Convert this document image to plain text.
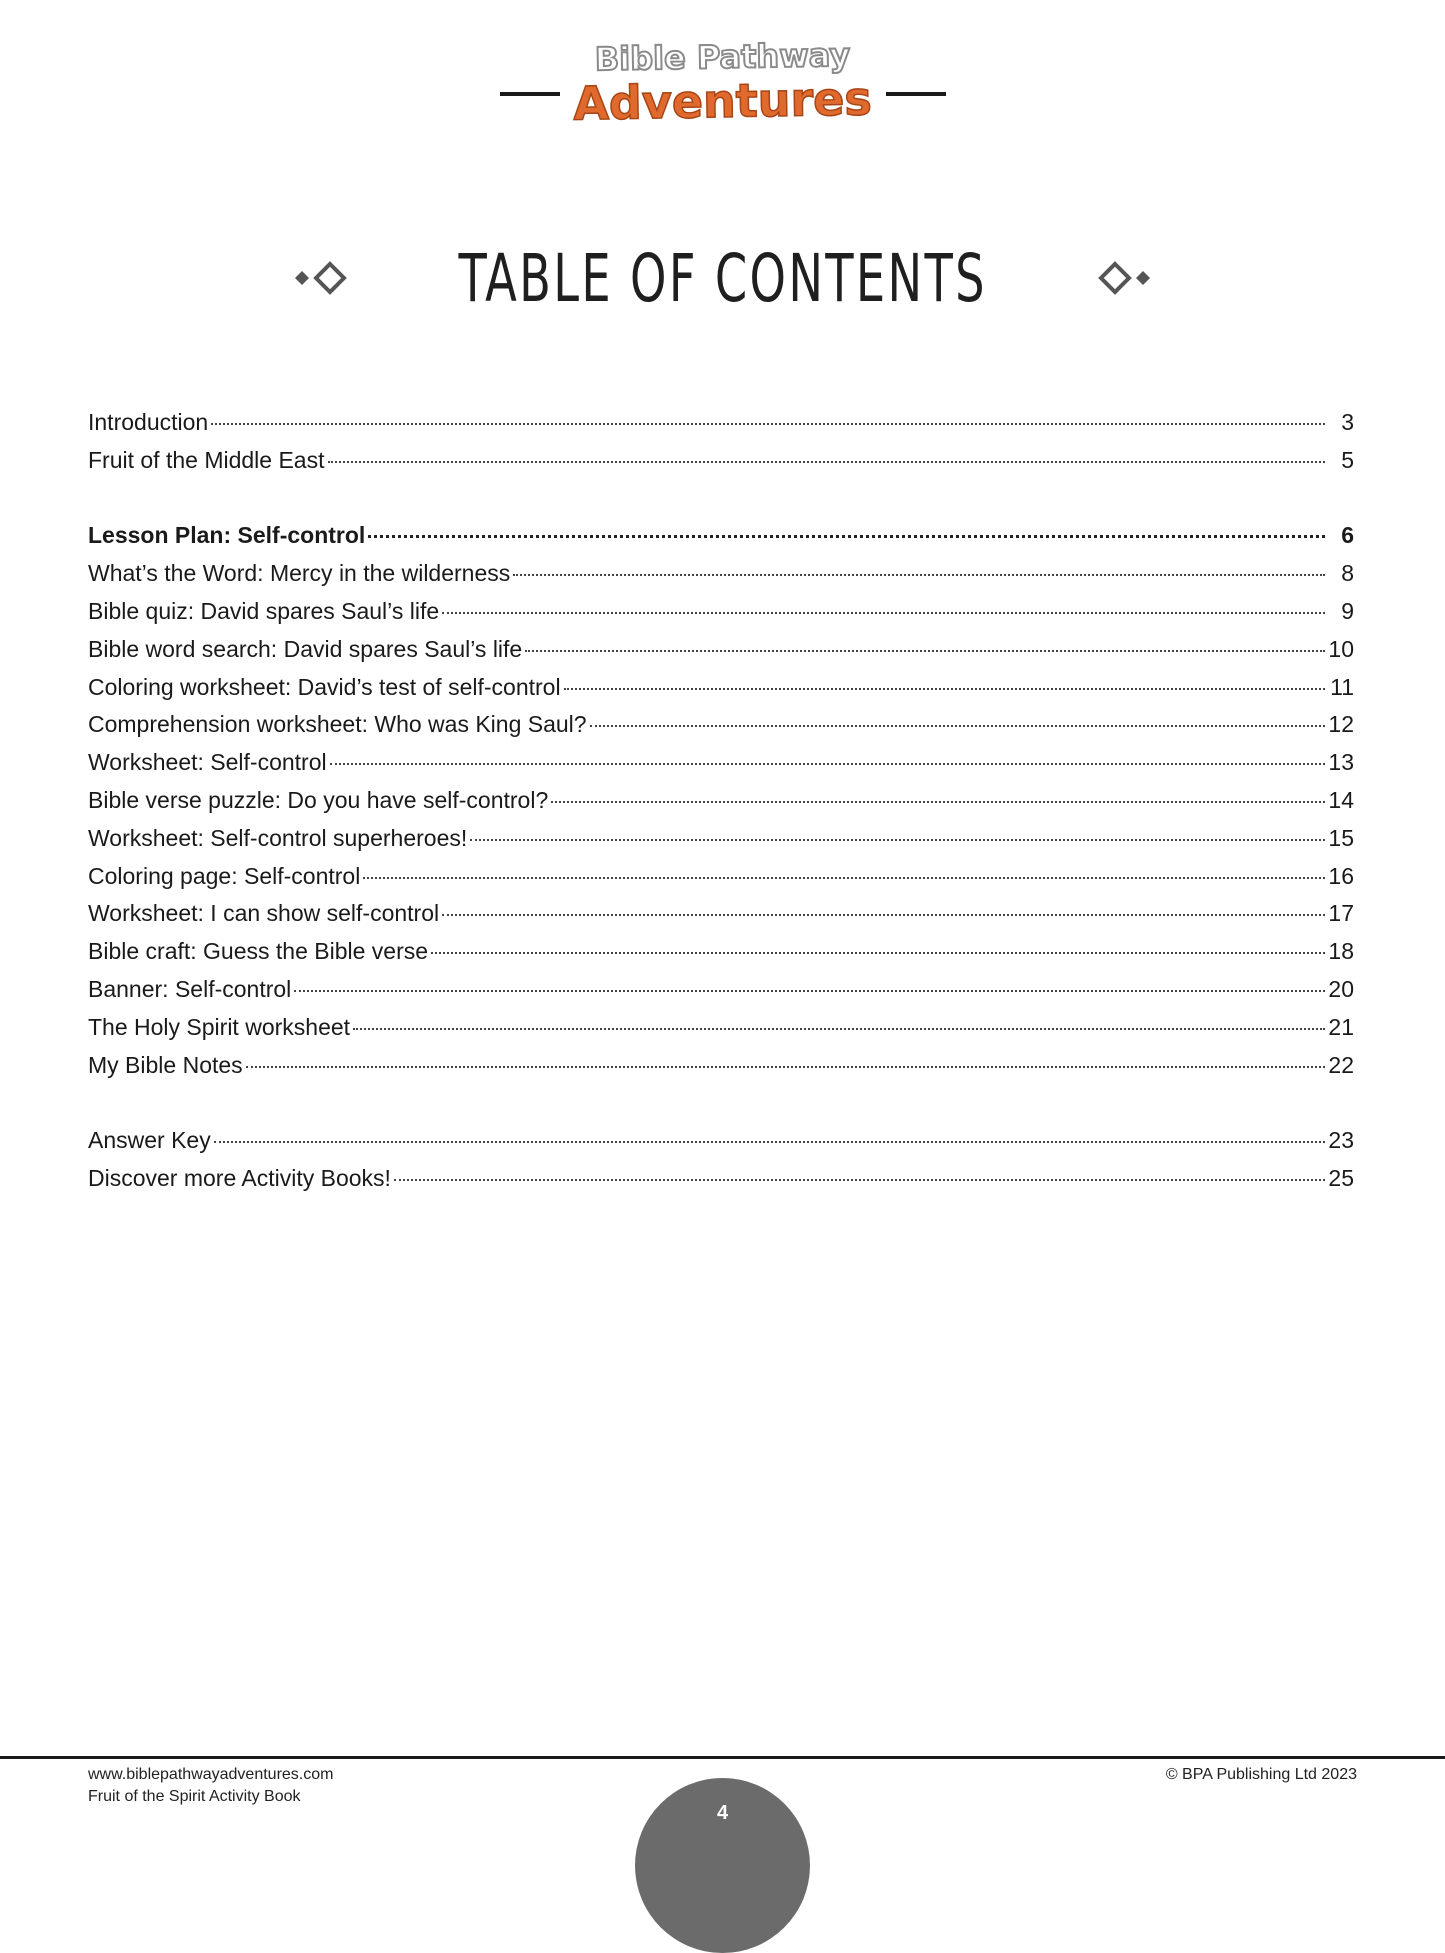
Bible Pathway
Adventures
TABLE OF CONTENTS
Introduction	3
Fruit of the Middle East	5
Lesson Plan: Self-control	6
What’s the Word: Mercy in the wilderness	8
Bible quiz: David spares Saul’s life	9
Bible word search: David spares Saul’s life	10
Coloring worksheet: David’s test of self-control	11
Comprehension worksheet: Who was King Saul?	12
Worksheet: Self-control	13
Bible verse puzzle: Do you have self-control?	14
Worksheet: Self-control superheroes!	15
Coloring page: Self-control	16
Worksheet: I can show self-control	17
Bible craft: Guess the Bible verse	18
Banner: Self-control	20
The Holy Spirit worksheet	21
My Bible Notes	22
Answer Key	23
Discover more Activity Books!	25
www.biblepathwayadventures.com
Fruit of the Spirit Activity Book
© BPA Publishing Ltd 2023
4
